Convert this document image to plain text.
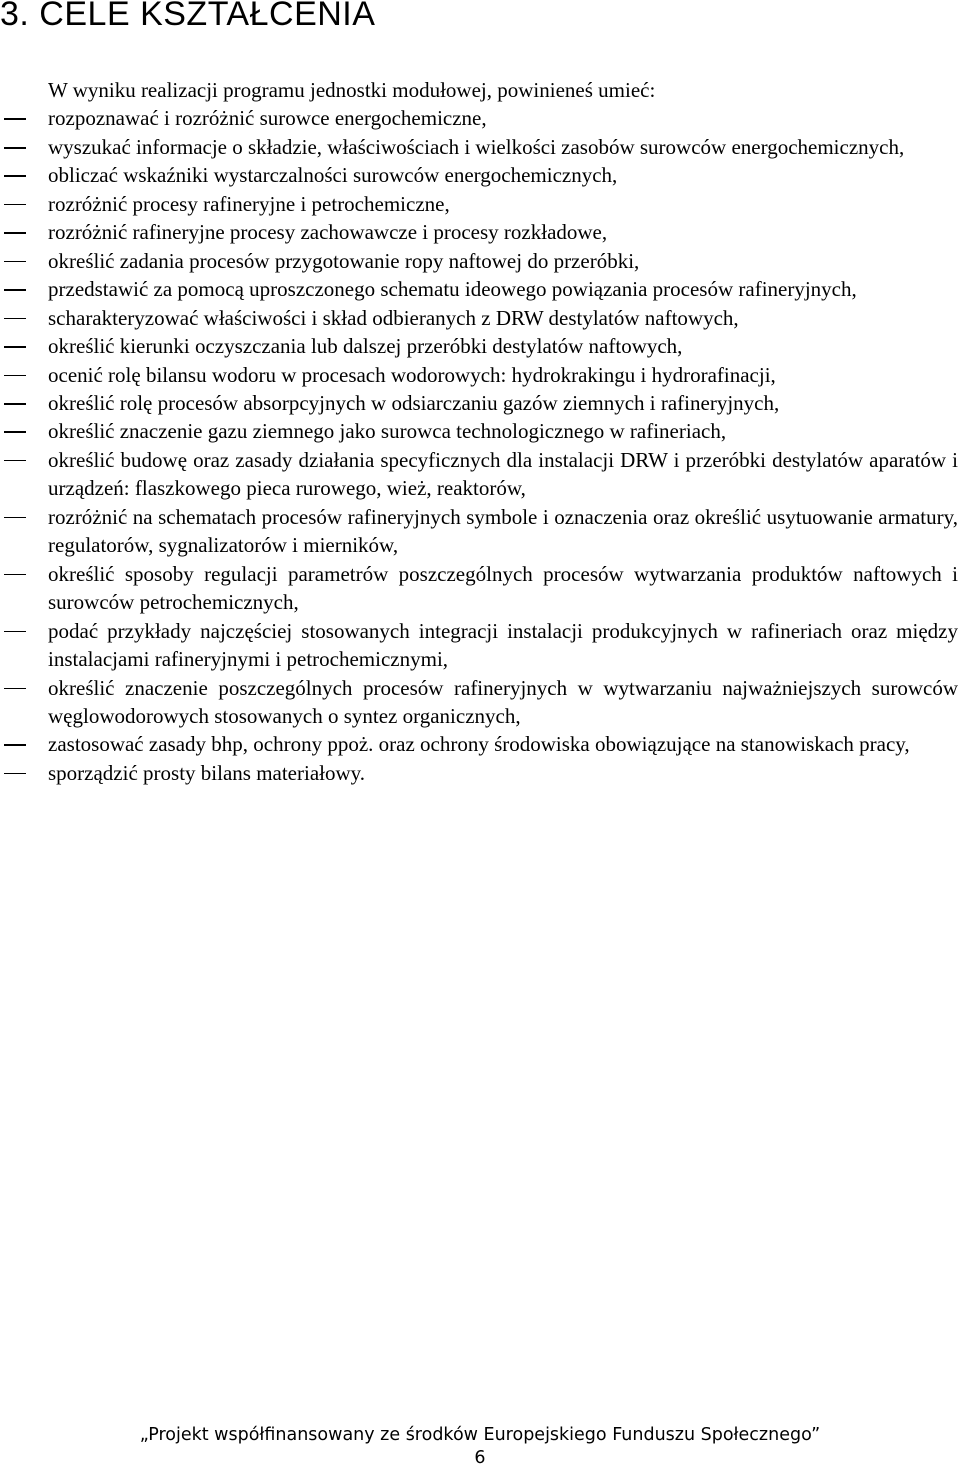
3. CELE KSZTAŁCENIA

W wyniku realizacji programu jednostki modułowej, powinieneś umieć:

rozpoznawać i rozróżnić surowce energochemiczne,
wyszukać informacje o składzie, właściwościach i wielkości zasobów surowców energochemicznych,
obliczać wskaźniki wystarczalności surowców energochemicznych,
rozróżnić procesy rafineryjne i petrochemiczne,
rozróżnić rafineryjne procesy zachowawcze i procesy rozkładowe,
określić zadania procesów przygotowanie ropy naftowej do przeróbki,
przedstawić za pomocą uproszczonego schematu ideowego powiązania procesów rafineryjnych,
scharakteryzować właściwości i skład odbieranych z DRW destylatów naftowych,
określić kierunki oczyszczania lub dalszej przeróbki destylatów naftowych,
ocenić rolę bilansu wodoru w procesach wodorowych: hydrokrakingu i hydrorafinacji,
określić rolę procesów absorpcyjnych w odsiarczaniu gazów ziemnych i rafineryjnych,
określić znaczenie gazu ziemnego jako surowca technologicznego w rafineriach,
określić budowę oraz zasady działania specyficznych dla instalacji DRW i przeróbki destylatów aparatów i urządzeń: flaszkowego pieca rurowego, wież, reaktorów,
rozróżnić na schematach procesów rafineryjnych symbole i oznaczenia oraz określić usytuowanie armatury, regulatorów, sygnalizatorów i mierników,
określić sposoby regulacji parametrów poszczególnych procesów wytwarzania produktów naftowych i surowców petrochemicznych,
podać przykłady najczęściej stosowanych integracji instalacji produkcyjnych w rafineriach oraz między instalacjami rafineryjnymi i petrochemicznymi,
określić znaczenie poszczególnych procesów rafineryjnych w wytwarzaniu najważniejszych surowców węglowodorowych stosowanych o syntez organicznych,
zastosować zasady bhp, ochrony ppoż. oraz ochrony środowiska obowiązujące na stanowiskach pracy,
sporządzić prosty bilans materiałowy.
„Projekt współfinansowany ze środków Europejskiego Funduszu Społecznego”
6
